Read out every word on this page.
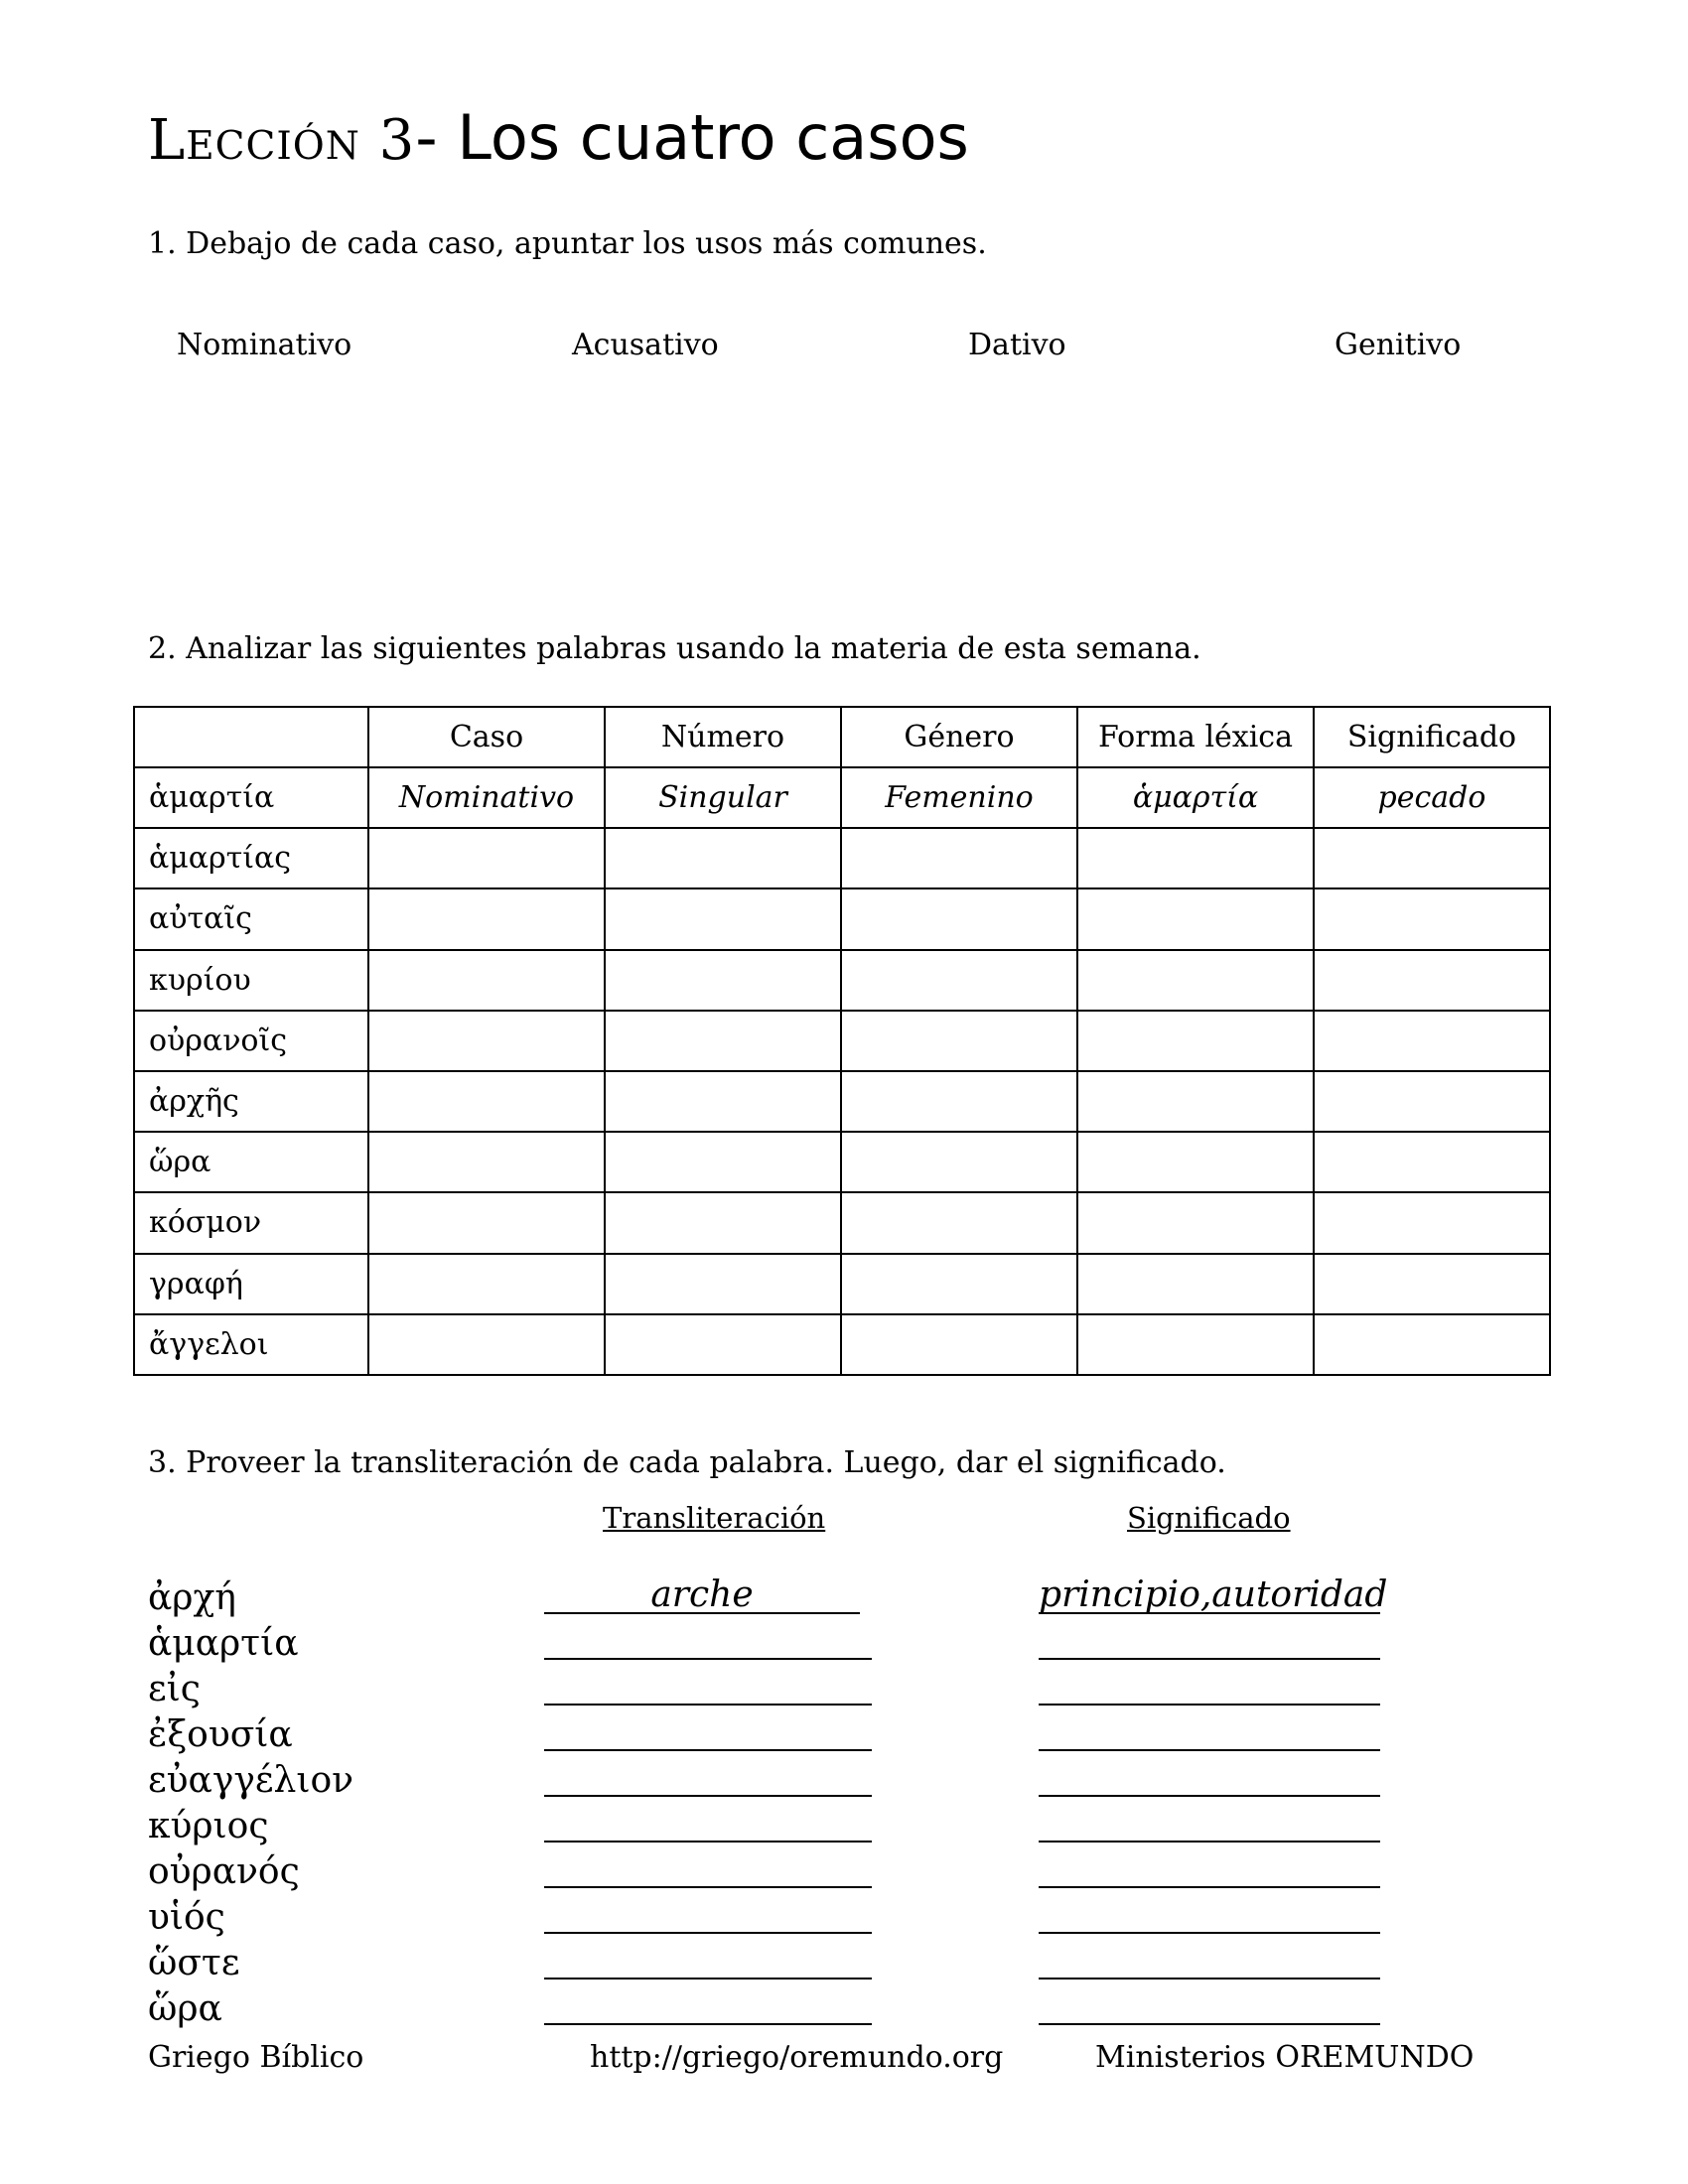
Lección 3- Los cuatro casos
1. Debajo de cada caso, apuntar los usos más comunes.
Nominativo	Acusativo	Dativo	Genitivo
2. Analizar las siguientes palabras usando la materia de esta semana.
	Caso	Número	Género	Forma léxica	Significado
ἁμαρτία	Nominativo	Singular	Femenino	ἁμαρτία	pecado
ἁμαρτίας					
αὐταῖς					
κυρίου					
οὐρανοῖς					
ἀρχῆς					
ὥρα					
κόσμον					
γραφή					
ἄγγελοι					
3. Proveer la transliteración de cada palabra. Luego, dar el significado.
Transliteración	Significado
ἀρχή	arche	principio,autoridad
ἁμαρτία
εἰς
ἐξουσία
εὐαγγέλιον
κύριος
οὐρανός
υἱός
ὥστε
ὥρα
Griego Bíblico	http://griego/oremundo.org	Ministerios OREMUNDO
